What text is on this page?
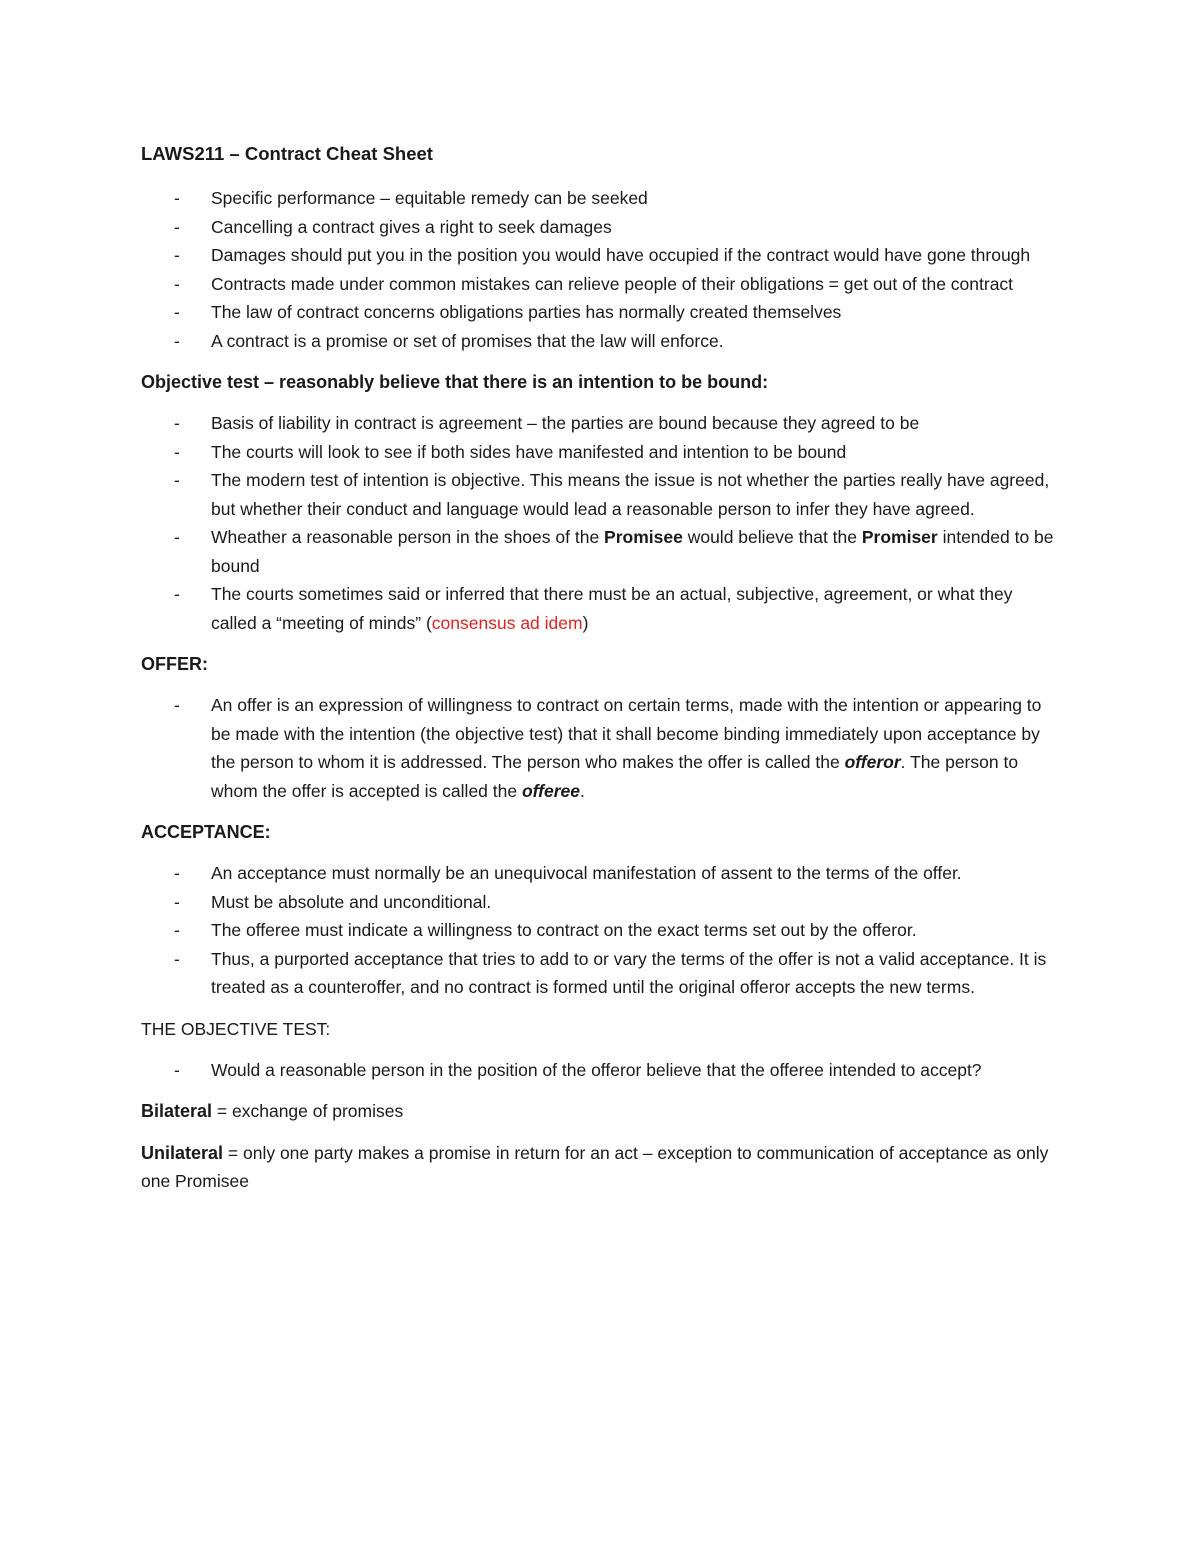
LAWS211 – Contract Cheat Sheet
- Specific performance – equitable remedy can be seeked
- Cancelling a contract gives a right to seek damages
- Damages should put you in the position you would have occupied if the contract would have gone through
- Contracts made under common mistakes can relieve people of their obligations = get out of the contract
- The law of contract concerns obligations parties has normally created themselves
- A contract is a promise or set of promises that the law will enforce.
Objective test – reasonably believe that there is an intention to be bound:
- Basis of liability in contract is agreement – the parties are bound because they agreed to be
- The courts will look to see if both sides have manifested and intention to be bound
- The modern test of intention is objective. This means the issue is not whether the parties really have agreed, but whether their conduct and language would lead a reasonable person to infer they have agreed.
- Wheather a reasonable person in the shoes of the Promisee would believe that the Promiser intended to be bound
- The courts sometimes said or inferred that there must be an actual, subjective, agreement, or what they called a “meeting of minds” (consensus ad idem)
OFFER:
- An offer is an expression of willingness to contract on certain terms, made with the intention or appearing to be made with the intention (the objective test) that it shall become binding immediately upon acceptance by the person to whom it is addressed. The person who makes the offer is called the offeror. The person to whom the offer is accepted is called the offeree.
ACCEPTANCE:
- An acceptance must normally be an unequivocal manifestation of assent to the terms of the offer.
- Must be absolute and unconditional.
- The offeree must indicate a willingness to contract on the exact terms set out by the offeror.
- Thus, a purported acceptance that tries to add to or vary the terms of the offer is not a valid acceptance. It is treated as a counteroffer, and no contract is formed until the original offeror accepts the new terms.
THE OBJECTIVE TEST:
- Would a reasonable person in the position of the offeror believe that the offeree intended to accept?
Bilateral = exchange of promises
Unilateral = only one party makes a promise in return for an act – exception to communication of acceptance as only one Promisee
